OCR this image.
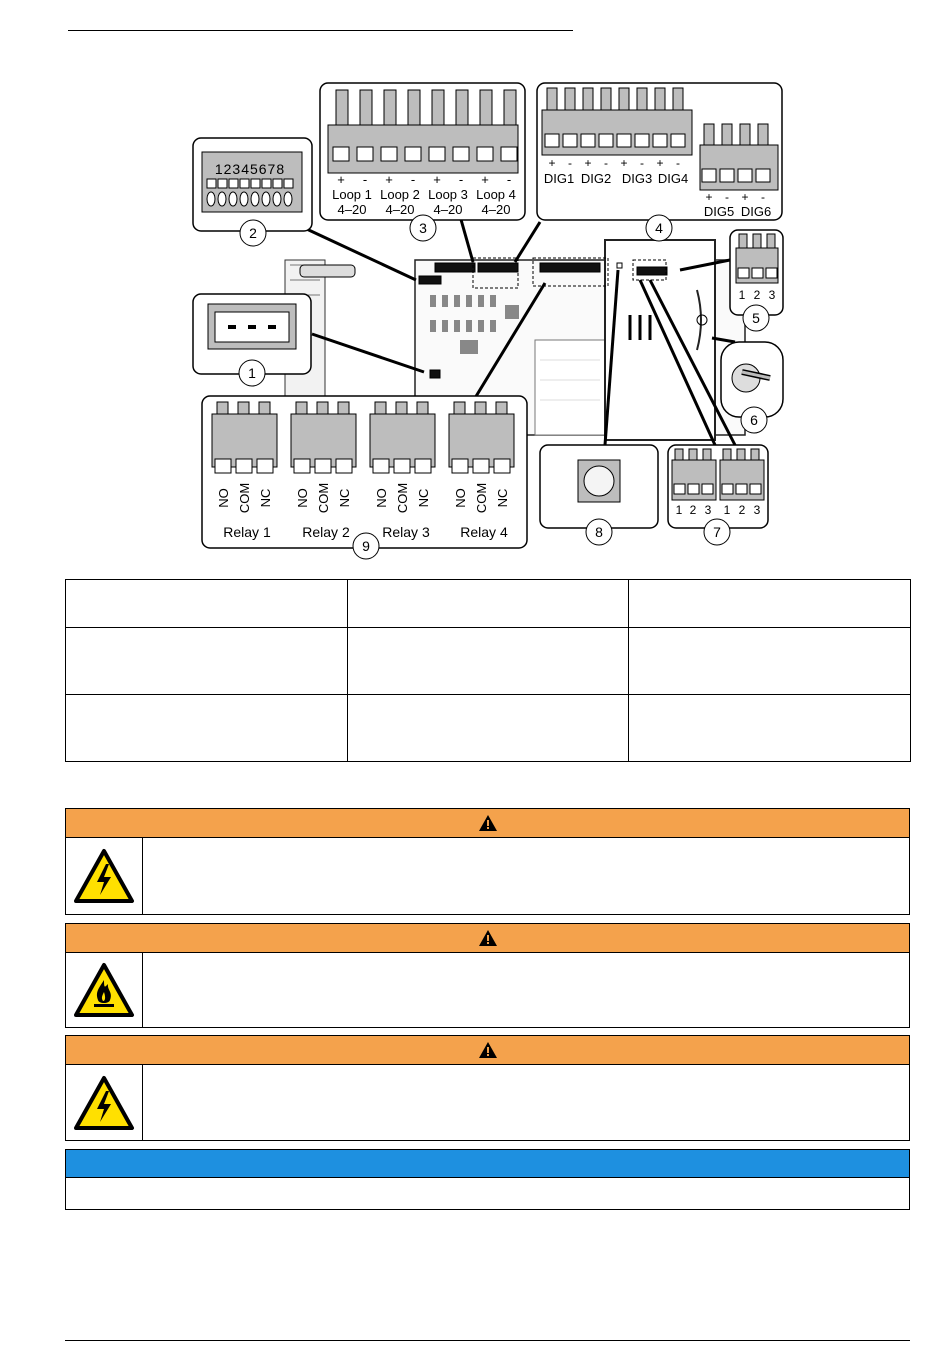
12345678
+ - + - + - + -
Loop 1 Loop 2 Loop 3 Loop 4
4–20 4–20 4–20 4–20
+ - + - + - + -
DIG1 DIG2 DIG3 DIG4
+ - + -
DIG5 DIG6
1 2 3
NO COM NC NO COM NC NO COM NC NO COM NC
Relay 1 Relay 2 Relay 3 Relay 4
1 2 3 1 2 3
1
2	3	4
5
6
7
8
9
